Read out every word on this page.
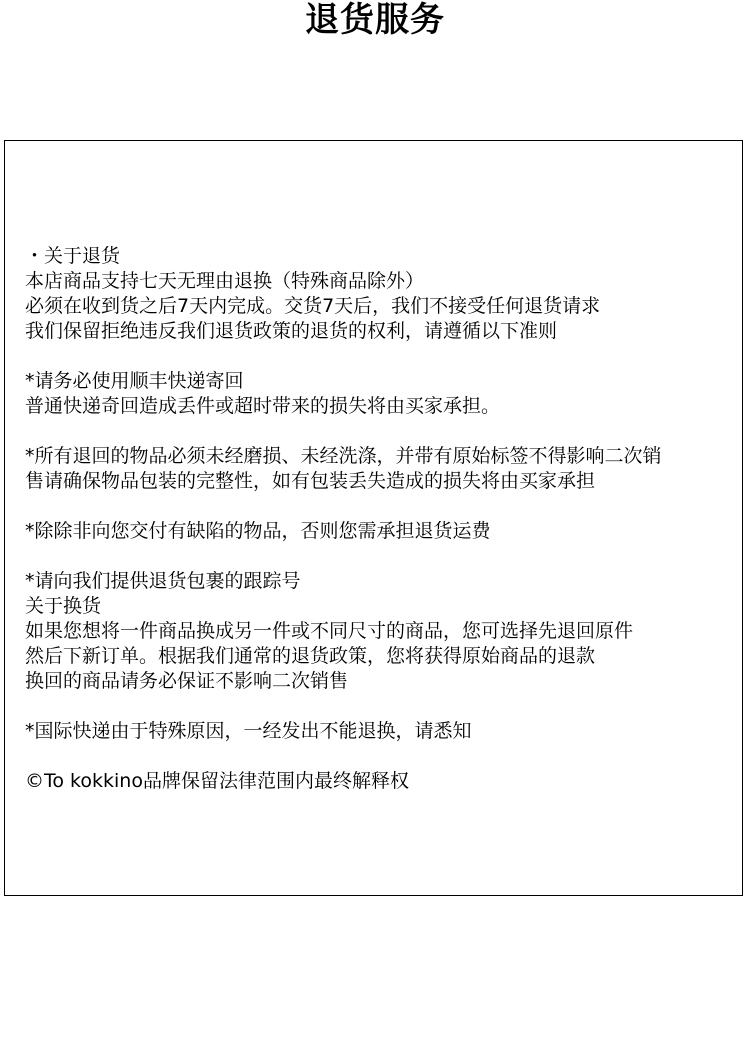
退货服务
・关于退货
本店商品支持七天无理由退换（特殊商品除外）
必须在收到货之后7天内完成。交货7天后，我们不接受任何退货请求
我们保留拒绝违反我们退货政策的退货的权利，请遵循以下准则
*请务必使用顺丰快递寄回
普通快递奇回造成丢件或超时带来的损失将由买家承担。
*所有退回的物品必须未经磨损、未经洗涤，并带有原始标签不得影响二次销
售请确保物品包装的完整性，如有包装丢失造成的损失将由买家承担
*除除非向您交付有缺陷的物品，否则您需承担退货运费
*请向我们提供退货包裹的跟踪号
关于换货
如果您想将一件商品换成另一件或不同尺寸的商品，您可选择先退回原件
然后下新订单。根据我们通常的退货政策，您将获得原始商品的退款
换回的商品请务必保证不影响二次销售
*国际快递由于特殊原因，一经发出不能退换，请悉知
©To kokkino品牌保留法律范围内最终解释权
